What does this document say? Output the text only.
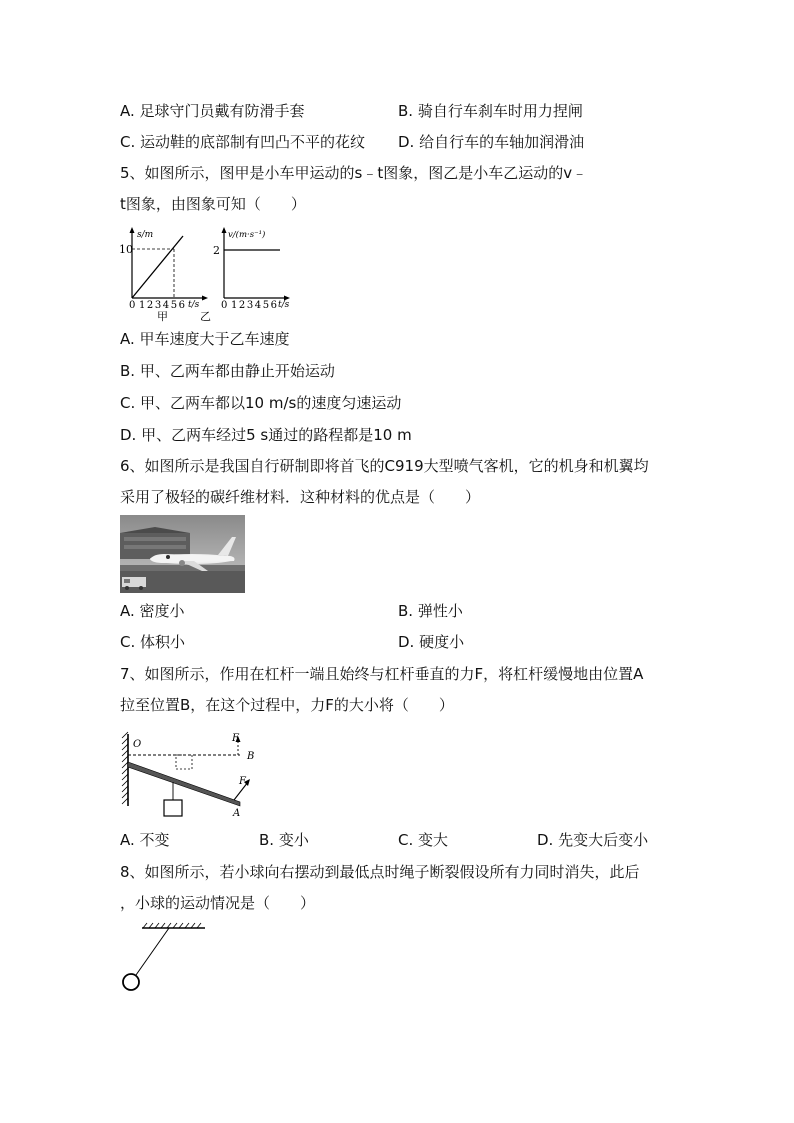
A. 足球守门员戴有防滑手套	B. 骑自行车刹车时用力捏闸
C. 运动鞋的底部制有凹凸不平的花纹 D. 给自行车的车轴加润滑油
5、如图所示，图甲是小车甲运动的s﹣t图象，图乙是小车乙运动的v﹣
t图象，由图象可知（　　）
s/m
10
0 1 2 3 4 5 6 t/s
甲
v/(m·s⁻¹)
2
0 1 2 3 4 5 6 t/s
乙
A. 甲车速度大于乙车速度
B. 甲、乙两车都由静止开始运动
C. 甲、乙两车都以10 m/s的速度匀速运动
D. 甲、乙两车经过5 s通过的路程都是10 m
6、如图所示是我国自行研制即将首飞的C919大型喷气客机，它的机身和机翼均
采用了极轻的碳纤维材料．这种材料的优点是（　　）
A. 密度小	B. 弹性小
C. 体积小	D. 硬度小
7、如图所示，作用在杠杆一端且始终与杠杆垂直的力F，将杠杆缓慢地由位置A
拉至位置B，在这个过程中，力F的大小将（　　）
O
F
B
F
A
A. 不变	B. 变小	C. 变大	D. 先变大后变小
8、如图所示，若小球向右摆动到最低点时绳子断裂假设所有力同时消失，此后
，小球的运动情况是（　　）
